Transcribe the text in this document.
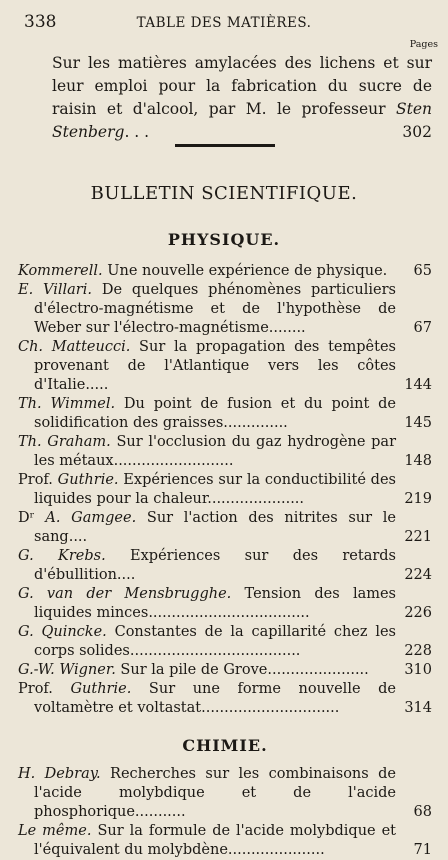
338	TABLE DES MATIÈRES.
Pages
Sur les matières amylacées des lichens et sur leur emploi pour la fabrication du sucre de raisin et d'alcool, par M. le professeur Sten Stenberg. . .	302
BULLETIN SCIENTIFIQUE.
PHYSIQUE.
Kommerell. Une nouvelle expérience de physique. 65
E. Villari. De quelques phénomènes particuliers d'électro-magnétisme et de l'hypothèse de Weber sur l'électro-magnétisme........	67
Ch. Matteucci. Sur la propagation des tempêtes provenant de l'Atlantique vers les côtes d'Italie.....	144
Th. Wimmel. Du point de fusion et du point de solidification des graisses..............	145
Th. Graham. Sur l'occlusion du gaz hydrogène par les métaux..........................	148
Prof. Guthrie. Expériences sur la conductibilité des liquides pour la chaleur.....................	219
Dʳ A. Gamgee. Sur l'action des nitrites sur le sang....	221
G. Krebs. Expériences sur des retards d'ébullition....	224
G. van der Mensbrugghe. Tension des lames liquides minces...................................	226
G. Quincke. Constantes de la capillarité chez les corps solides.....................................	228
G.-W. Wigner. Sur la pile de Grove...................... 310
Prof. Guthrie. Sur une forme nouvelle de voltamètre et voltastat..............................	314
CHIMIE.
H. Debray. Recherches sur les combinaisons de l'acide molybdique et de l'acide phosphorique...........	68
Le même. Sur la formule de l'acide molybdique et l'équivalent du molybdène.....................	71
